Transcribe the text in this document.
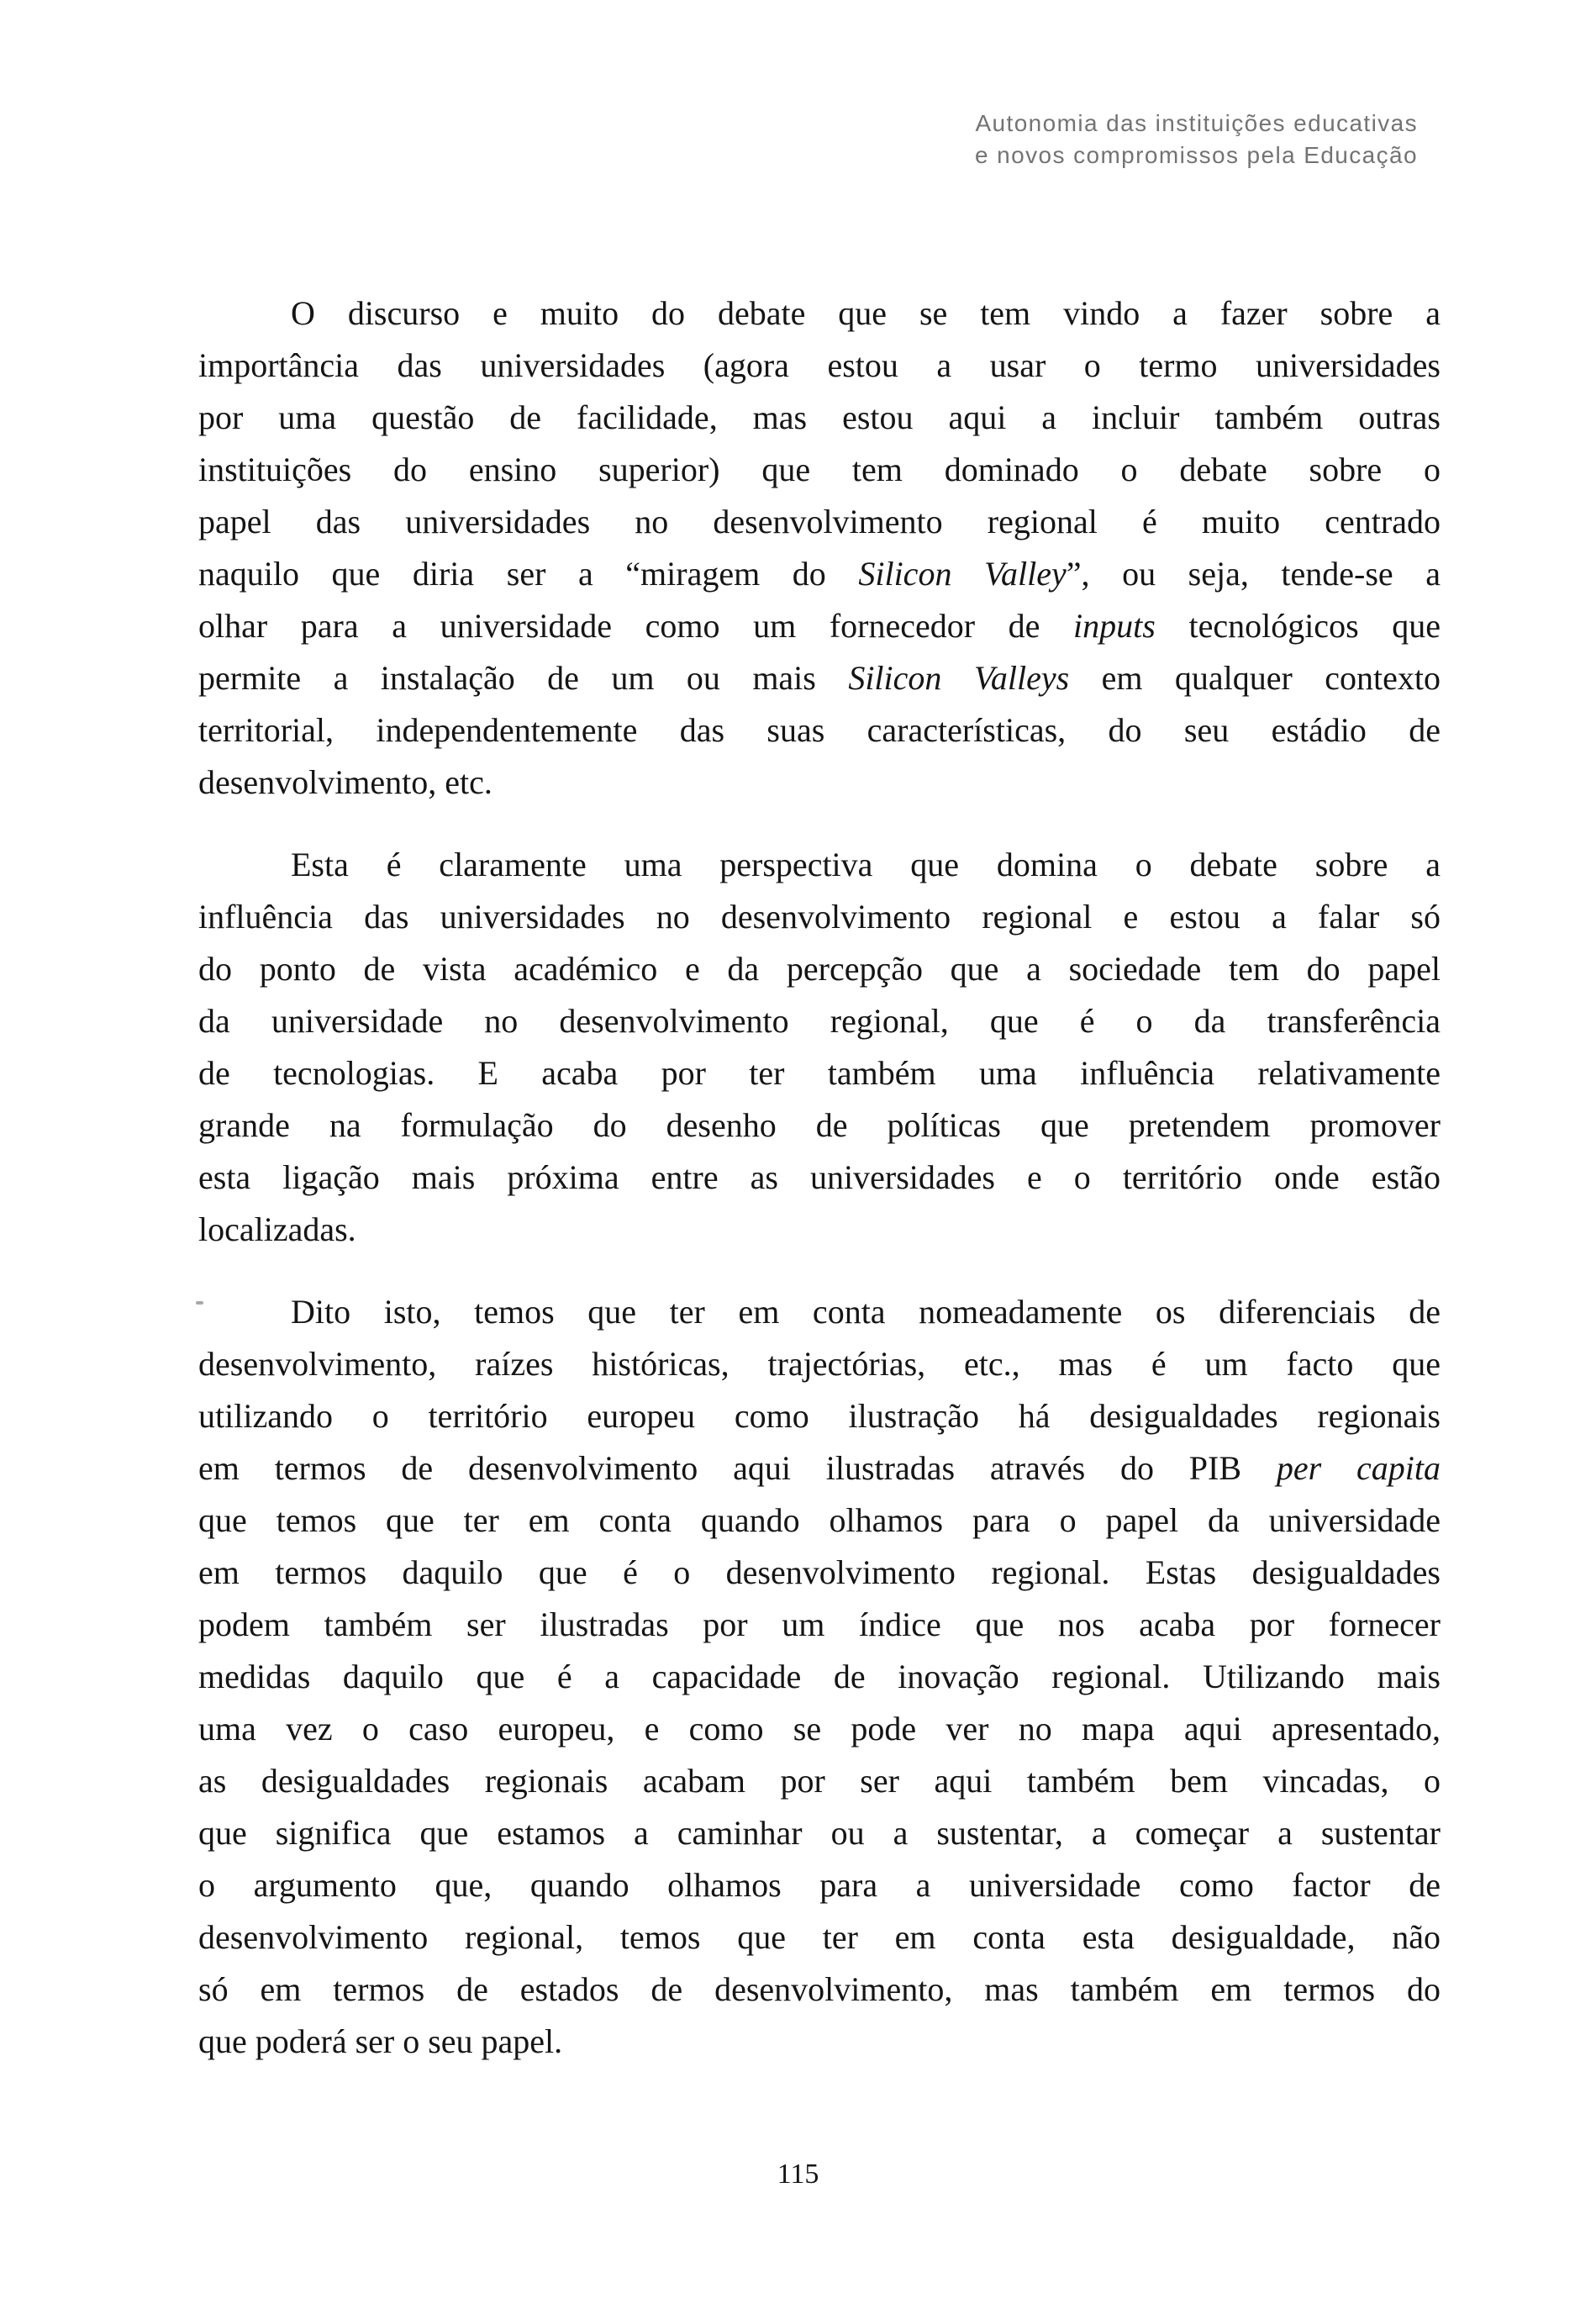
Autonomia das instituições educativas
e novos compromissos pela Educação
O discurso e muito do debate que se tem vindo a fazer sobre a
importância das universidades (agora estou a usar o termo universidades
por uma questão de facilidade, mas estou aqui a incluir também outras
instituições do ensino superior) que tem dominado o debate sobre o
papel das universidades no desenvolvimento regional é muito centrado
naquilo que diria ser a “miragem do Silicon Valley”, ou seja, tende-se a
olhar para a universidade como um fornecedor de inputs tecnológicos que
permite a instalação de um ou mais Silicon Valleys em qualquer contexto
territorial, independentemente das suas características, do seu estádio de
desenvolvimento, etc.
Esta é claramente uma perspectiva que domina o debate sobre a
influência das universidades no desenvolvimento regional e estou a falar só
do ponto de vista académico e da percepção que a sociedade tem do papel
da universidade no desenvolvimento regional, que é o da transferência
de tecnologias. E acaba por ter também uma influência relativamente
grande na formulação do desenho de políticas que pretendem promover
esta ligação mais próxima entre as universidades e o território onde estão
localizadas.
Dito isto, temos que ter em conta nomeadamente os diferenciais de
desenvolvimento, raízes históricas, trajectórias, etc., mas é um facto que
utilizando o território europeu como ilustração há desigualdades regionais
em termos de desenvolvimento aqui ilustradas através do PIB per capita
que temos que ter em conta quando olhamos para o papel da universidade
em termos daquilo que é o desenvolvimento regional. Estas desigualdades
podem também ser ilustradas por um índice que nos acaba por fornecer
medidas daquilo que é a capacidade de inovação regional. Utilizando mais
uma vez o caso europeu, e como se pode ver no mapa aqui apresentado,
as desigualdades regionais acabam por ser aqui também bem vincadas, o
que significa que estamos a caminhar ou a sustentar, a começar a sustentar
o argumento que, quando olhamos para a universidade como factor de
desenvolvimento regional, temos que ter em conta esta desigualdade, não
só em termos de estados de desenvolvimento, mas também em termos do
que poderá ser o seu papel.
115
